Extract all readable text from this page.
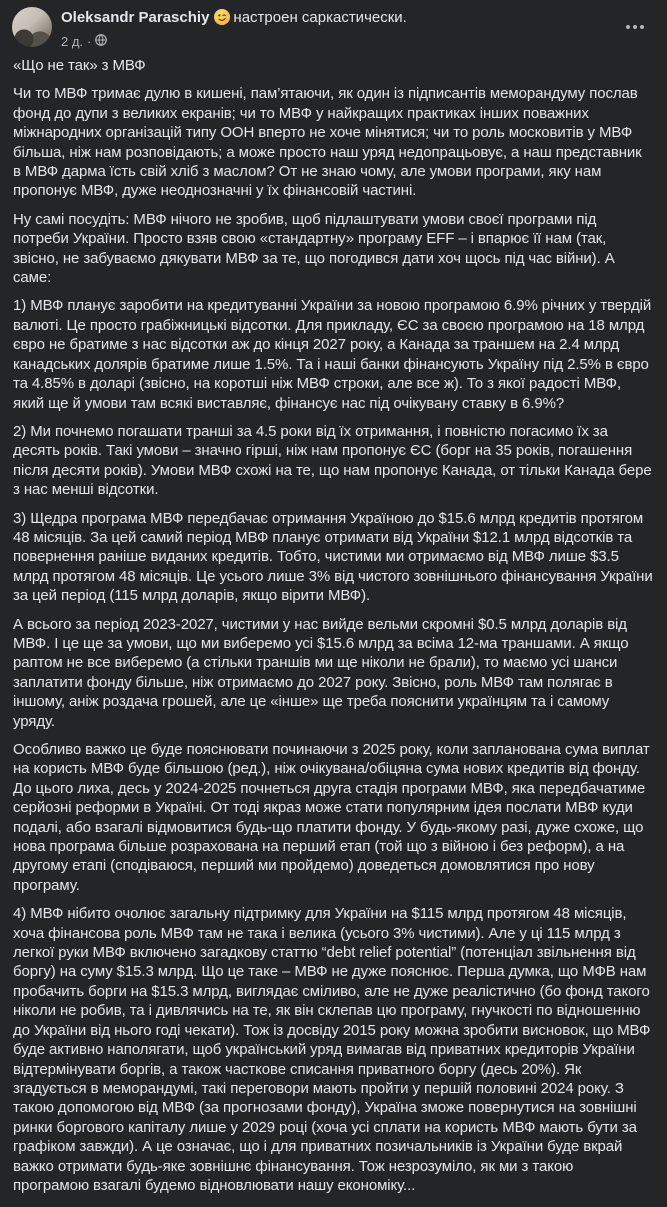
Oleksandr Paraschiy настроен саркастически.
2 д. ·

«Що не так» з МВФ

Чи то МВФ тримає дулю в кишені, пам’ятаючи, як один із підписантів меморандуму послав фонд до дупи з великих екранів; чи то МВФ у найкращих практиках інших поважних міжнародних організацій типу ООН вперто не хоче мінятися; чи то роль московитів у МВФ більша, ніж нам розповідають; а може просто наш уряд недопрацьовує, а наш представник в МВФ дарма їсть свій хліб з маслом? От не знаю чому, але умови програми, яку нам пропонує МВФ, дуже неоднозначні у їх фінансовій частині.

Ну самі посудіть: МВФ нічого не зробив, щоб підлаштувати умови своєї програми під потреби України. Просто взяв свою «стандартну» програму EFF – і впарює її нам (так, звісно, не забуваємо дякувати МВФ за те, що погодився дати хоч щось під час війни). А саме:

1) МВФ планує заробити на кредитуванні України за новою програмою 6.9% річних у твердій валюті. Це просто грабіжницькі відсотки. Для прикладу, ЄС за своєю програмою на 18 млрд євро не братиме з нас відсотки аж до кінця 2027 року, а Канада за траншем на 2.4 млрд канадських долярів братиме лише 1.5%. Та і наші банки фінансують Україну під 2.5% в євро та 4.85% в доларі (звісно, на коротші ніж МВФ строки, але все ж). То з якої радості МВФ, який ще й умови там всякі виставляє, фінансує нас під очікувану ставку в 6.9%?

2) Ми почнемо погашати транші за 4.5 роки від їх отримання, і повністю погасимо їх за десять років. Такі умови – значно гірші, ніж нам пропонує ЄС (борг на 35 років, погашення після десяти років). Умови МВФ схожі на те, що нам пропонує Канада, от тільки Канада бере з нас менші відсотки.

3) Щедра програма МВФ передбачає отримання Україною до $15.6 млрд кредитів протягом 48 місяців. За цей самий період МВФ планує отримати від України $12.1 млрд відсотків та повернення раніше виданих кредитів. Тобто, чистими ми отримаємо від МВФ лише $3.5 млрд протягом 48 місяців. Це усього лише 3% від чистого зовнішнього фінансування України за цей період (115 млрд доларів, якщо вірити МВФ).

А всього за період 2023-2027, чистими у нас вийде вельми скромні $0.5 млрд доларів від МВФ. І це ще за умови, що ми виберемо усі $15.6 млрд за всіма 12-ма траншами. А якщо раптом не все виберемо (а стільки траншів ми ще ніколи не брали), то маємо усі шанси заплатити фонду більше, ніж отримаємо до 2027 року. Звісно, роль МВФ там полягає в іншому, аніж роздача грошей, але це «інше» ще треба пояснити українцям та і самому уряду.

Особливо важко це буде пояснювати починаючи з 2025 року, коли запланована сума виплат на користь МВФ буде більшою (ред.), ніж очікувана/обіцяна сума нових кредитів від фонду. До цього лиха, десь у 2024-2025 почнеться друга стадія програми МВФ, яка передбачатиме серйозні реформи в Україні. От тоді якраз може стати популярним ідея послати МВФ куди подалі, або взагалі відмовитися будь-що платити фонду. У будь-якому разі, дуже схоже, що нова програма більше розрахована на перший етап (той що з війною і без реформ), а на другому етапі (сподіваюся, перший ми пройдемо) доведеться домовлятися про нову програму.

4) МВФ нібито очолює загальну підтримку для України на $115 млрд протягом 48 місяців, хоча фінансова роль МВФ там не така і велика (усього 3% чистими). Але у ці 115 млрд з легкої руки МВФ включено загадкову статтю “debt relief potential” (потенціал звільнення від боргу) на суму $15.3 млрд. Що це таке – МВФ не дуже пояснює. Перша думка, що МФВ нам пробачить борги на $15.3 млрд, виглядає сміливо, але не дуже реалістично (бо фонд такого ніколи не робив, та і дивлячись на те, як він склепав цю програму, гнучкості по відношенню до України від нього годі чекати). Тож із досвіду 2015 року можна зробити висновок, що МВФ буде активно наполягати, щоб український уряд вимагав від приватних кредиторів України відтермінувати боргів, а також часткове списання приватного боргу (десь 20%). Як згадується в меморандумі, такі переговори мають пройти у першій половині 2024 року. З такою допомогою від МВФ (за прогнозами фонду), Україна зможе повернутися на зовнішні ринки боргового капіталу лише у 2029 році (хоча усі сплати на користь МВФ мають бути за графіком завжди). А це означає, що і для приватних позичальників із України буде вкрай важко отримати будь-яке зовнішнє фінансування. Тож незрозуміло, як ми з такою програмою взагалі будемо відновлювати нашу економіку...
